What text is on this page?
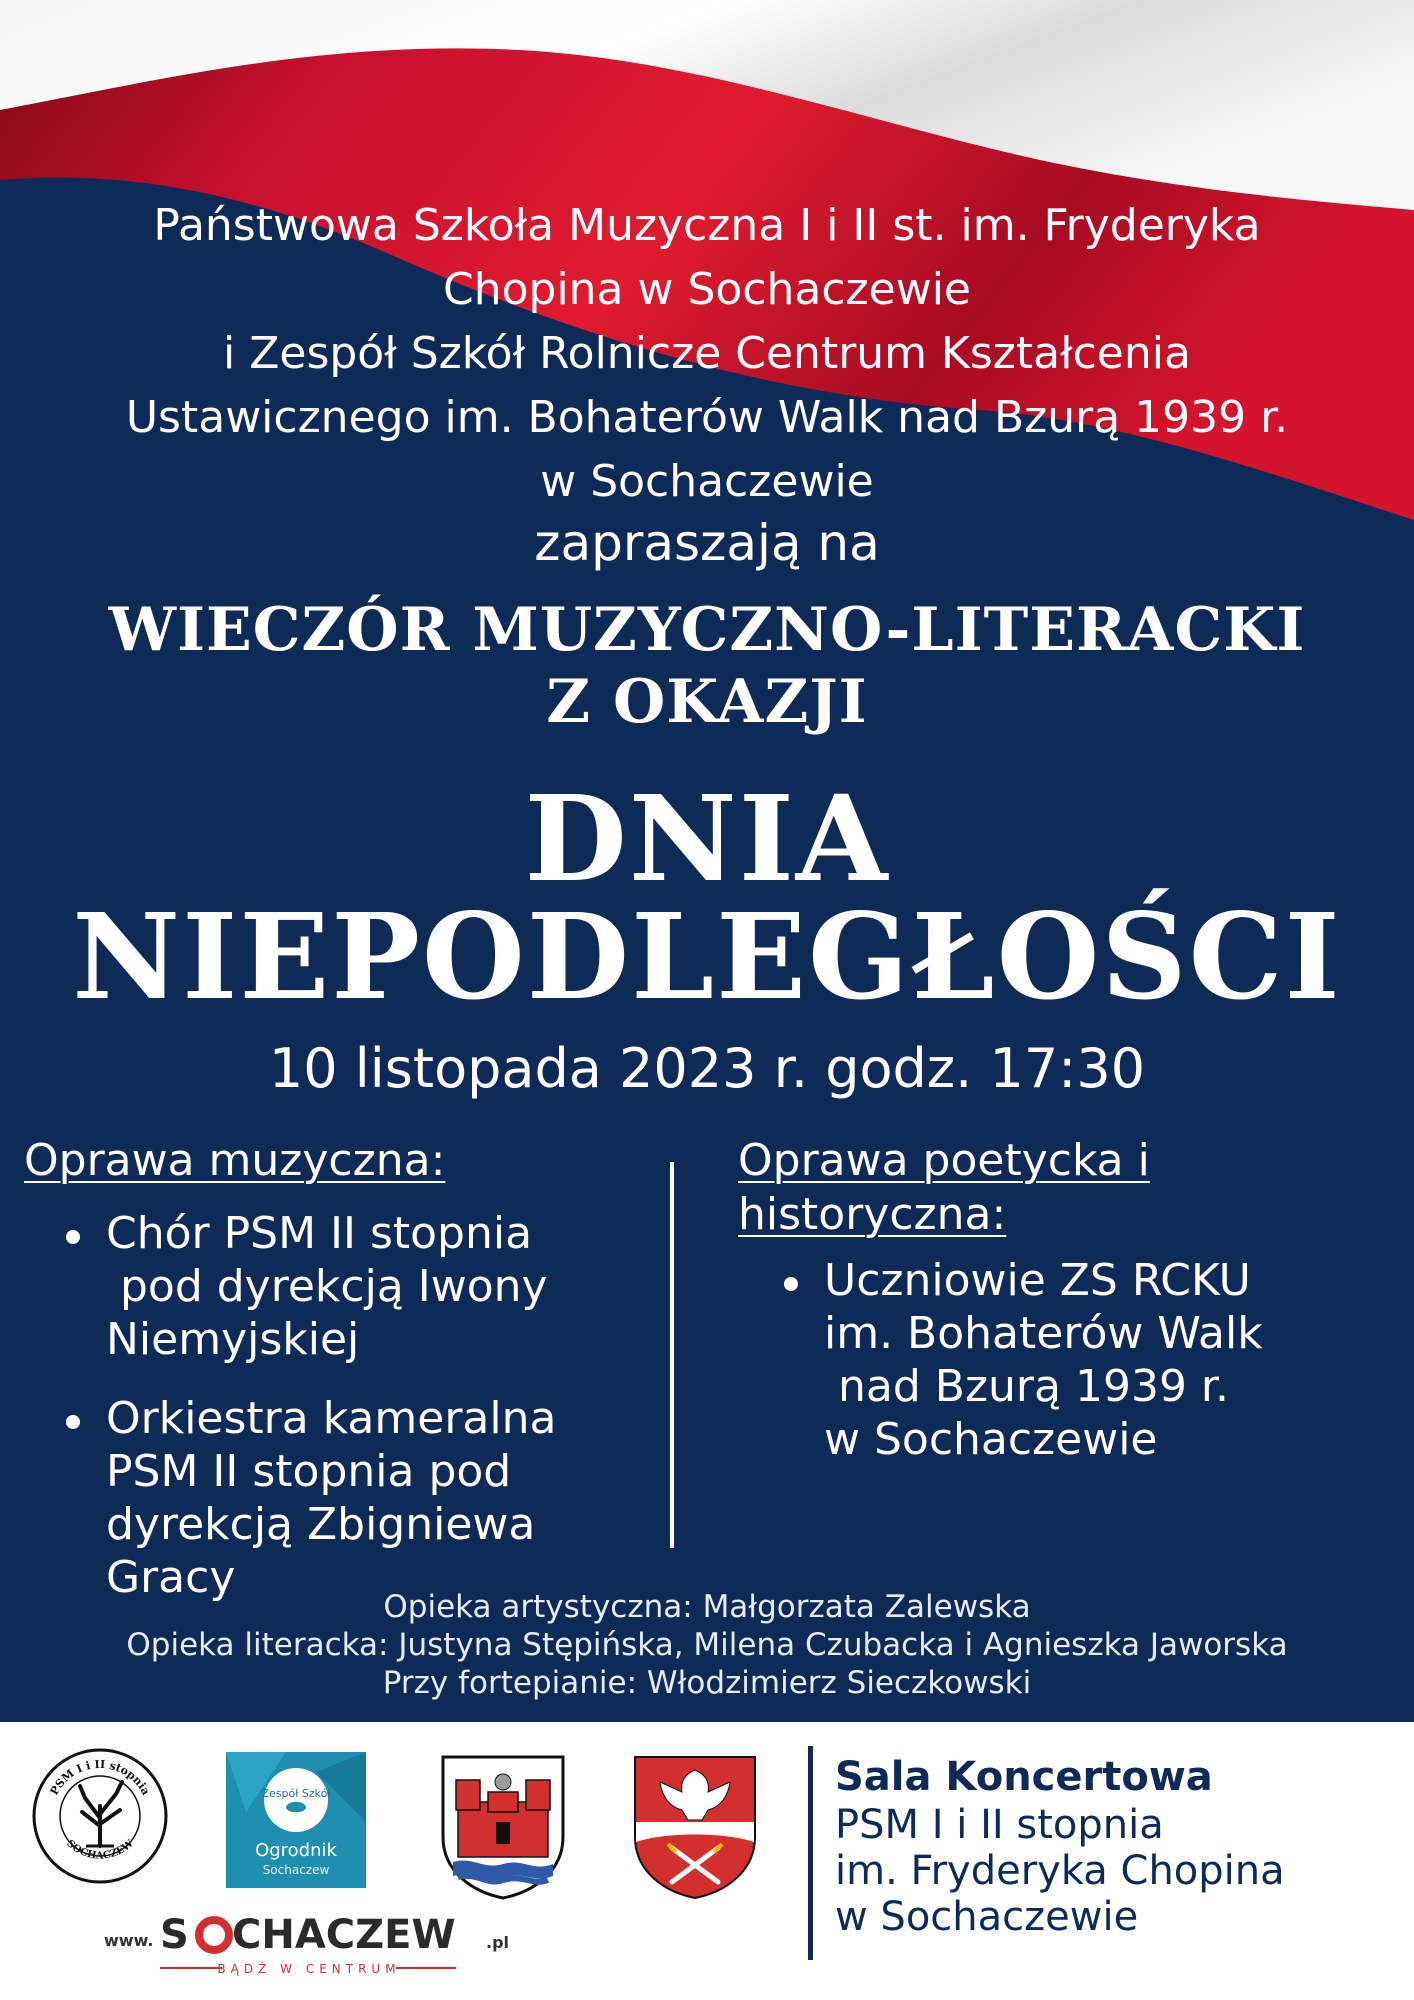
Państwowa Szkoła Muzyczna I i II st. im. Fryderyka
Chopina w Sochaczewie
i Zespół Szkół Rolnicze Centrum Kształcenia
Ustawicznego im. Bohaterów Walk nad Bzurą 1939 r.
w Sochaczewie
zapraszają na
WIECZÓR MUZYCZNO-LITERACKI
Z OKAZJI
DNIA
NIEPODLEGŁOŚCI
10 listopada 2023 r. godz. 17:30
Oprawa muzyczna:
Chór PSM II stopnia
pod dyrekcją Iwony
Niemyjskiej
Orkiestra kameralna
PSM II stopnia pod
dyrekcją Zbigniewa
Gracy
Oprawa poetycka i
historyczna:
Uczniowie ZS RCKU
im. Bohaterów Walk
nad Bzurą 1939 r.
w Sochaczewie
Opieka artystyczna: Małgorzata Zalewska
Opieka literacka: Justyna Stępińska, Milena Czubacka i Agnieszka Jaworska
Przy fortepianie: Włodzimierz Sieczkowski
PSM I i II stopnia
SOCHACZEW
Zespół Szkół
Ogrodnik
Sochaczew
www. S CHACZEW .pl
BĄDŹ W CENTRUM
Sala Koncertowa
PSM I i II stopnia
im. Fryderyka Chopina
w Sochaczewie
